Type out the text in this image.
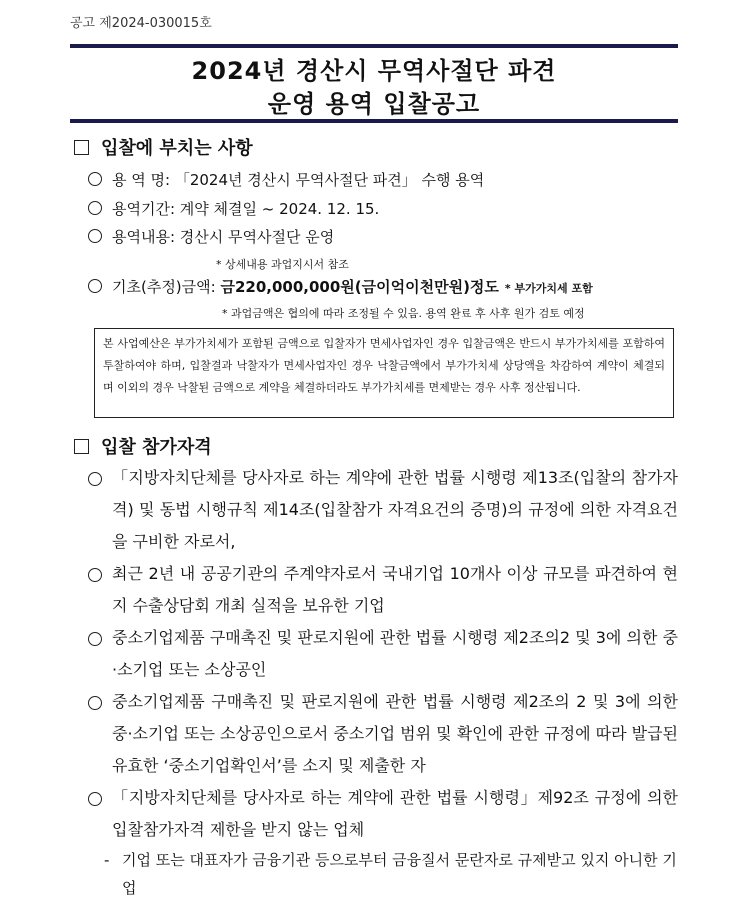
공고 제2024-030015호
2024년 경산시 무역사절단 파견
운영 용역 입찰공고
입찰에 부치는 사항
용 역 명: 「2024년 경산시 무역사절단 파견」 수행 용역
용역기간: 계약 체결일 ~ 2024. 12. 15.
용역내용: 경산시 무역사절단 운영
* 상세내용 과업지시서 참조
기초(추정)금액: 금220,000,000원(금이억이천만원)정도 * 부가가치세 포함
* 과업금액은 협의에 따라 조정될 수 있음. 용역 완료 후 사후 원가 검토 예정
본 사업예산은 부가가치세가 포함된 금액으로 입찰자가 면세사업자인 경우 입찰금액은 반드시 부가가치세를 포함하여 투찰하여야 하며, 입찰결과 낙찰자가 면세사업자인 경우 낙찰금액에서 부가가치세 상당액을 차감하여 계약이 체결되며 이외의 경우 낙찰된 금액으로 계약을 체결하더라도 부가가치세를 면제받는 경우 사후 정산됩니다.
입찰 참가자격
「지방자치단체를 당사자로 하는 계약에 관한 법률 시행령 제13조(입찰의 참가자격) 및 동법 시행규칙 제14조(입찰참가 자격요건의 증명)의 규정에 의한 자격요건을 구비한 자로서,
최근 2년 내 공공기관의 주계약자로서 국내기업 10개사 이상 규모를 파견하여 현지 수출상담회 개최 실적을 보유한 기업
중소기업제품 구매촉진 및 판로지원에 관한 법률 시행령 제2조의2 및 3에 의한 중·소기업 또는 소상공인
중소기업제품 구매촉진 및 판로지원에 관한 법률 시행령 제2조의 2 및 3에 의한 중·소기업 또는 소상공인으로서 중소기업 범위 및 확인에 관한 규정에 따라 발급된 유효한 ‘중소기업확인서’를 소지 및 제출한 자
「지방자치단체를 당사자로 하는 계약에 관한 법률 시행령」제92조 규정에 의한 입찰참가자격 제한을 받지 않는 업체
- 기업 또는 대표자가 금융기관 등으로부터 금융질서 문란자로 규제받고 있지 아니한 기업
